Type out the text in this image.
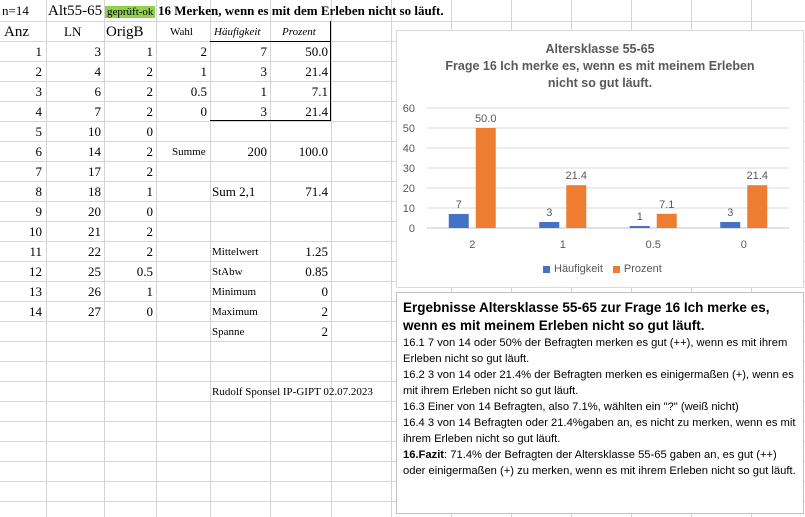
n=14 Alt55-65 geprüft-ok 16 Merken, wenn es mit dem Erleben nicht so läuft.
Anz	LN OrigB
1	3	1
2	4	2
3	6	2
4	7	2
5	10	0
6	14	2
7	17	2
8	18	1
9	20	0
10	21	2
11	22	2
12	25	0.5
13	26	1
14	27	0
Wahl Häufigkeit Prozent
2	7	50.0
1	3	21.4
0.5	1	7.1
0	3	21.4
Summe	200	100.0
Sum 2,1	71.4
Mittelwert	1.25
StAbw	0.85
Minimum	0
Maximum	2
Spanne	2
Rudolf Sponsel IP-GIPT 02.07.2023
Altersklasse 55-65
Frage 16 Ich merke es, wenn es mit meinem Erleben
nicht so gut läuft.
0
10
20
30
40
50
60
7
50.0
2
3
21.4
1
1
7.1
0.5
3
21.4
0
Häufigkeit	Prozent

Ergebnisse Altersklasse 55-65 zur Frage 16 Ich merke es, wenn es mit meinem Erleben nicht so gut läuft.

16.1 7 von 14 oder 50% der Befragten merken es gut (++), wenn es mit ihrem Erleben nicht so gut läuft.

16.2 3 von 14 oder 21.4% der Befragten merken es einigermaßen (+), wenn es mit ihrem Erleben nicht so gut läuft.

16.3 Einer von 14 Befragten, also 7.1%, wählten ein "?" (weiß nicht)

16.4 3 von 14 Befragten oder 21.4%gaben an, es nicht zu merken, wenn es mit ihrem Erleben nicht so gut läuft.

16.Fazit: 71.4% der Befragten der Altersklasse 55-65 gaben an, es gut (++) oder einigermaßen (+) zu merken, wenn es mit ihrem Erleben nicht so gut läuft.
